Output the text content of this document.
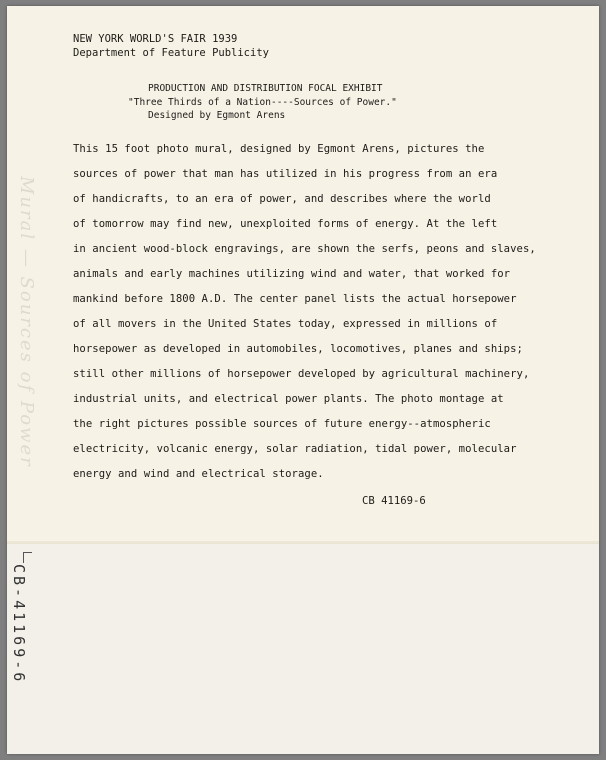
Mural — Sources of Power
NEW YORK WORLD'S FAIR 1939
Department of Feature Publicity
PRODUCTION AND DISTRIBUTION FOCAL EXHIBIT
"Three Thirds of a Nation----Sources of Power."
Designed by Egmont Arens
This 15 foot photo mural, designed by Egmont Arens, pictures the
sources of power that man has utilized in his progress from an era
of handicrafts, to an era of power, and describes where the world
of tomorrow may find new, unexploited forms of energy. At the left
in ancient wood-block engravings, are shown the serfs, peons and slaves,
animals and early machines utilizing wind and water, that worked for
mankind before 1800 A.D. The center panel lists the actual horsepower
of all movers in the United States today, expressed in millions of
horsepower as developed in automobiles, locomotives, planes and ships;
still other millions of horsepower developed by agricultural machinery,
industrial units, and electrical power plants. The photo montage at
the right pictures possible sources of future energy--atmospheric
electricity, volcanic energy, solar radiation, tidal power, molecular
energy and wind and electrical storage.
CB 41169-6
CB-41169-6
